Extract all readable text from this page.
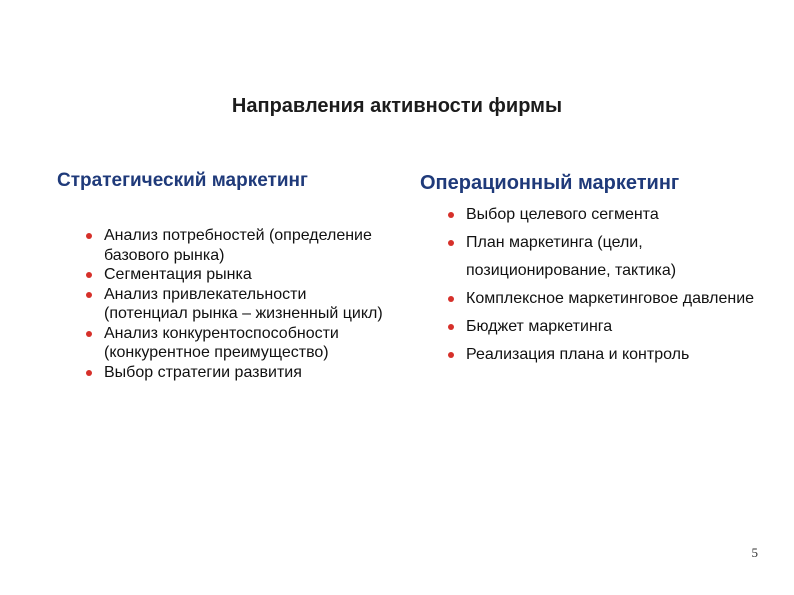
Направления активности фирмы
Стратегический маркетинг	Операционный маркетинг
Анализ потребностей (определение базового рынка)
Сегментация рынка
Анализ привлекательности (потенциал рынка – жизненный цикл)
Анализ конкурентоспособности (конкурентное преимущество)
Выбор стратегии развития
Выбор целевого сегмента
План маркетинга (цели, позиционирование, тактика)
Комплексное маркетинговое давление
Бюджет маркетинга
Реализация плана и контроль
5
